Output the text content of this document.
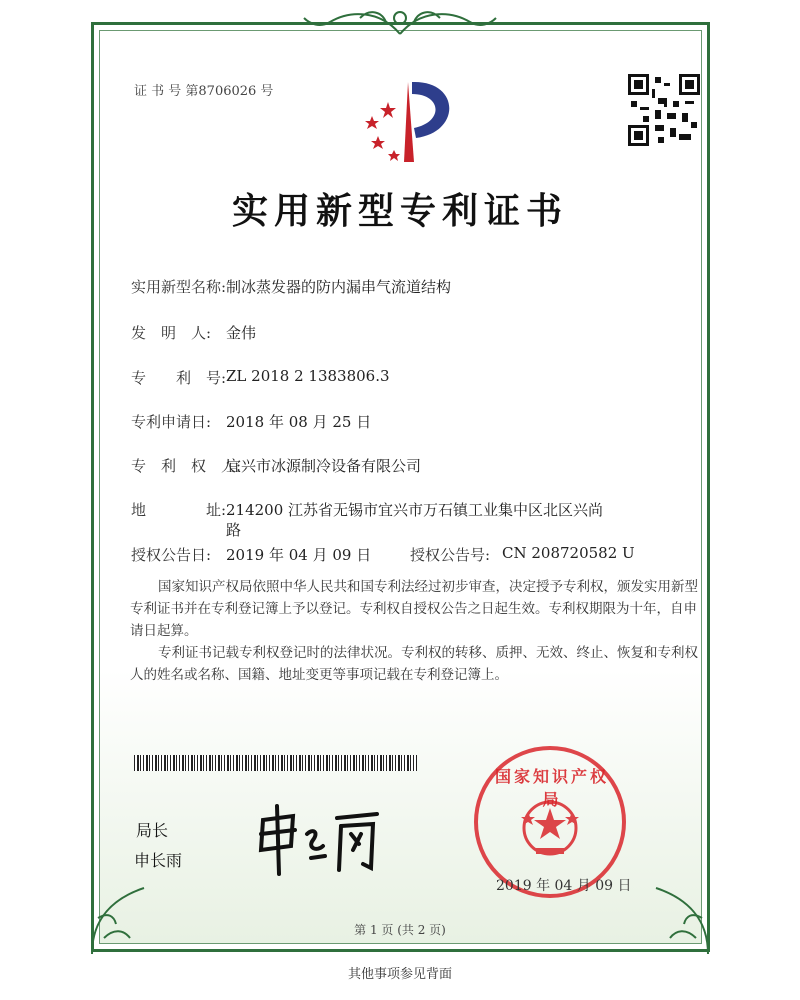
证 书 号 第8706026 号
实用新型专利证书
实用新型名称: 制冰蒸发器的防内漏串气流道结构
发　明　人: 金伟
专　　利　号: ZL 2018 2 1383806.3
专利申请日: 2018 年 08 月 25 日
专　利　权　人:
宜兴市冰源制冷设备有限公司
地　　　　址: 214200 江苏省无锡市宜兴市万石镇工业集中区北区兴尚
路
授权公告日: 2019 年 04 月 09 日	授权公告号: CN 208720582 U
国家知识产权局依照中华人民共和国专利法经过初步审查，决定授予专利权，颁发实用新型专利证书并在专利登记簿上予以登记。专利权自授权公告之日起生效。专利权期限为十年，自申请日起算。
专利证书记载专利权登记时的法律状况。专利权的转移、质押、无效、终止、恢复和专利权人的姓名或名称、国籍、地址变更等事项记载在专利登记簿上。
局长
申长雨
国家知识产权局
2019 年 04 月 09 日
第 1 页 (共 2 页)
其他事项参见背面
